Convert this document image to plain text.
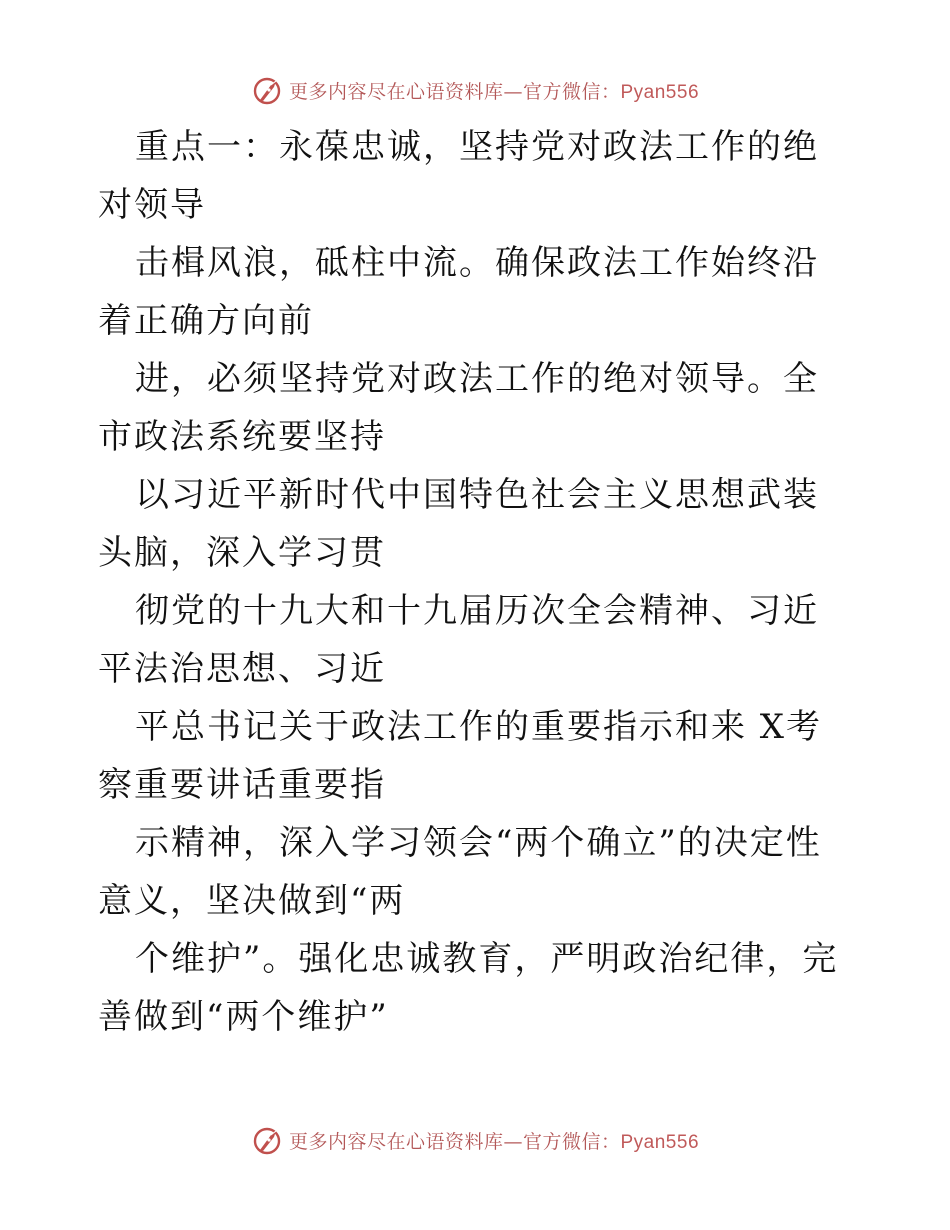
更多内容尽在心语资料库—官方微信：Pyan556

重点一：永葆忠诚，坚持党对政法工作的绝对领导

击楫风浪，砥柱中流。确保政法工作始终沿着正确方向前

进，必须坚持党对政法工作的绝对领导。全市政法系统要坚持

以习近平新时代中国特色社会主义思想武装头脑，深入学习贯

彻党的十九大和十九届历次全会精神、习近平法治思想、习近

平总书记关于政法工作的重要指示和来 X考察重要讲话重要指

示精神，深入学习领会“两个确立”的决定性意义，坚决做到“两

个维护”。强化忠诚教育，严明政治纪律，完善做到“两个维护”

更多内容尽在心语资料库—官方微信：Pyan556
